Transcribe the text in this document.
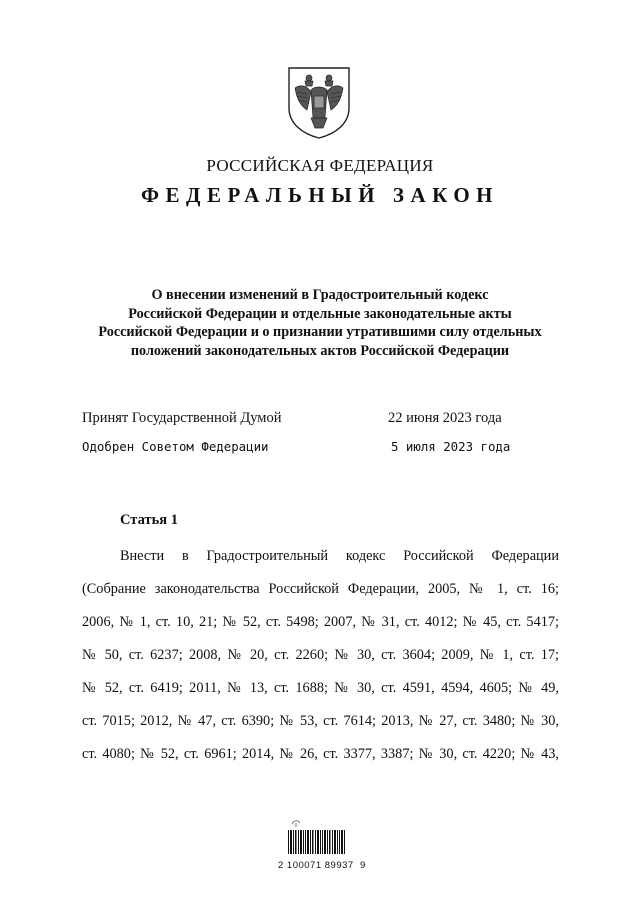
РОССИЙСКАЯ ФЕДЕРАЦИЯ
ФЕДЕРАЛЬНЫЙ ЗАКОН
О внесении изменений в Градостроительный кодекс
Российской Федерации и отдельные законодательные акты
Российской Федерации и о признании утратившими силу отдельных
положений законодательных актов Российской Федерации
Принят Государственной Думой	22 июня 2023 года
Одобрен Советом Федерации	5 июля 2023 года
Статья 1
Внести в Градостроительный кодекс Российской Федерации
(Собрание законодательства Российской Федерации, 2005, № 1, ст. 16;
2006, № 1, ст. 10, 21; № 52, ст. 5498; 2007, № 31, ст. 4012; № 45, ст. 5417;
№ 50, ст. 6237; 2008, № 20, ст. 2260; № 30, ст. 3604; 2009, № 1, ст. 17;
№ 52, ст. 6419; 2011, № 13, ст. 1688; № 30, ст. 4591, 4594, 4605; № 49,
ст. 7015; 2012, № 47, ст. 6390; № 53, ст. 7614; 2013, № 27, ст. 3480; № 30,
ст. 4080; № 52, ст. 6961; 2014, № 26, ст. 3377, 3387; № 30, ст. 4220; № 43,
2 100071 89937  9
